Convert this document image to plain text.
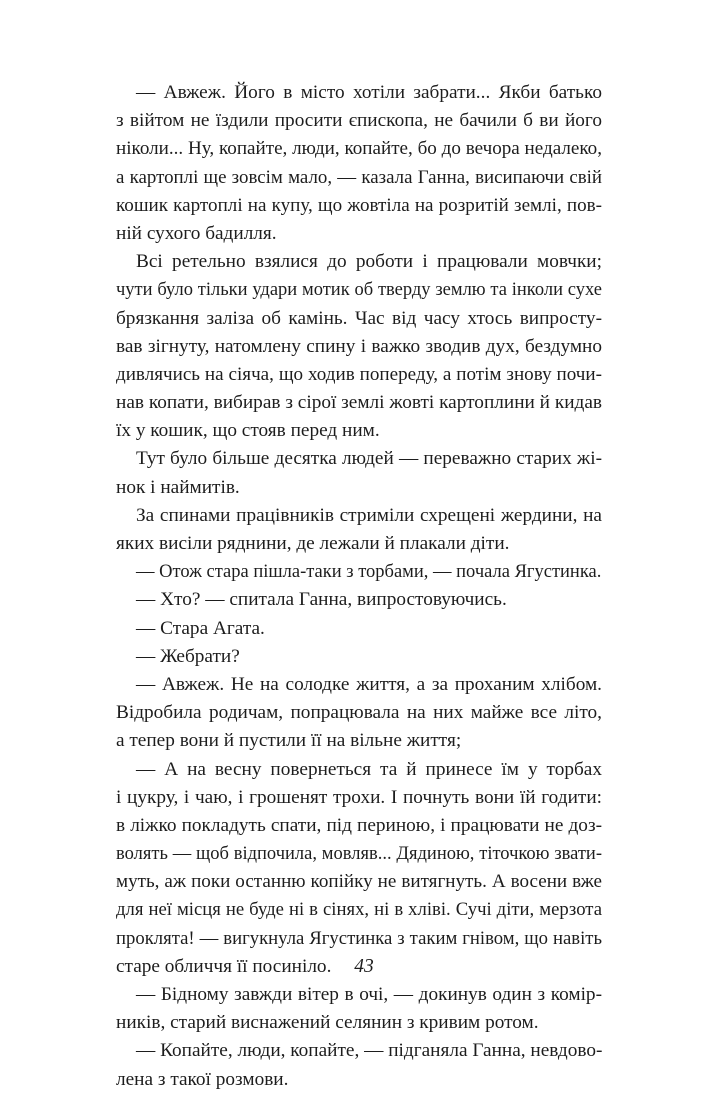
— Авжеж. Його в місто хотіли забрати... Якби батько
з війтом не їздили просити єпископа, не бачили б ви його
ніколи... Ну, копайте, люди, копайте, бо до вечора недалеко,
а картоплі ще зовсім мало, — казала Ганна, висипаючи свій
кошик картоплі на купу, що жовтіла на розритій землі, пов-
ній сухого бадилля.
Всі ретельно взялися до роботи і працювали мовчки;
чути було тільки удари мотик об тверду землю та інколи сухе
брязкання заліза об камінь. Час від часу хтось випросту-
вав зігнуту, натомлену спину і важко зводив дух, бездумно
дивлячись на сіяча, що ходив попереду, а потім знову почи-
нав копати, вибирав з сірої землі жовті картоплини й кидав
їх у кошик, що стояв перед ним.
Тут було більше десятка людей — переважно старих жі-
нок і наймитів.
За спинами працівників стриміли схрещені жердини, на
яких висіли ряднини, де лежали й плакали діти.
— Отож стара пішла-таки з торбами, — почала Ягустинка.
— Хто? — спитала Ганна, випростовуючись.
— Стара Агата.
— Жебрати?
— Авжеж. Не на солодке життя, а за проханим хлібом.
Відробила родичам, попрацювала на них майже все літо,
а тепер вони й пустили її на вільне життя;
— А на весну повернеться та й принесе їм у торбах
і цукру, і чаю, і грошенят трохи. І почнуть вони їй годити:
в ліжко покладуть спати, під периною, і працювати не доз-
волять — щоб відпочила, мовляв... Дядиною, тіточкою звати-
муть, аж поки останню копійку не витягнуть. А восени вже
для неї місця не буде ні в сінях, ні в хліві. Сучі діти, мерзота
проклята! — вигукнула Ягустинка з таким гнівом, що навіть
старе обличчя її посиніло.
— Бідному завжди вітер в очі, — докинув один з комір-
ників, старий виснажений селянин з кривим ротом.
— Копайте, люди, копайте, — підганяла Ганна, невдово-
лена з такої розмови.
43
